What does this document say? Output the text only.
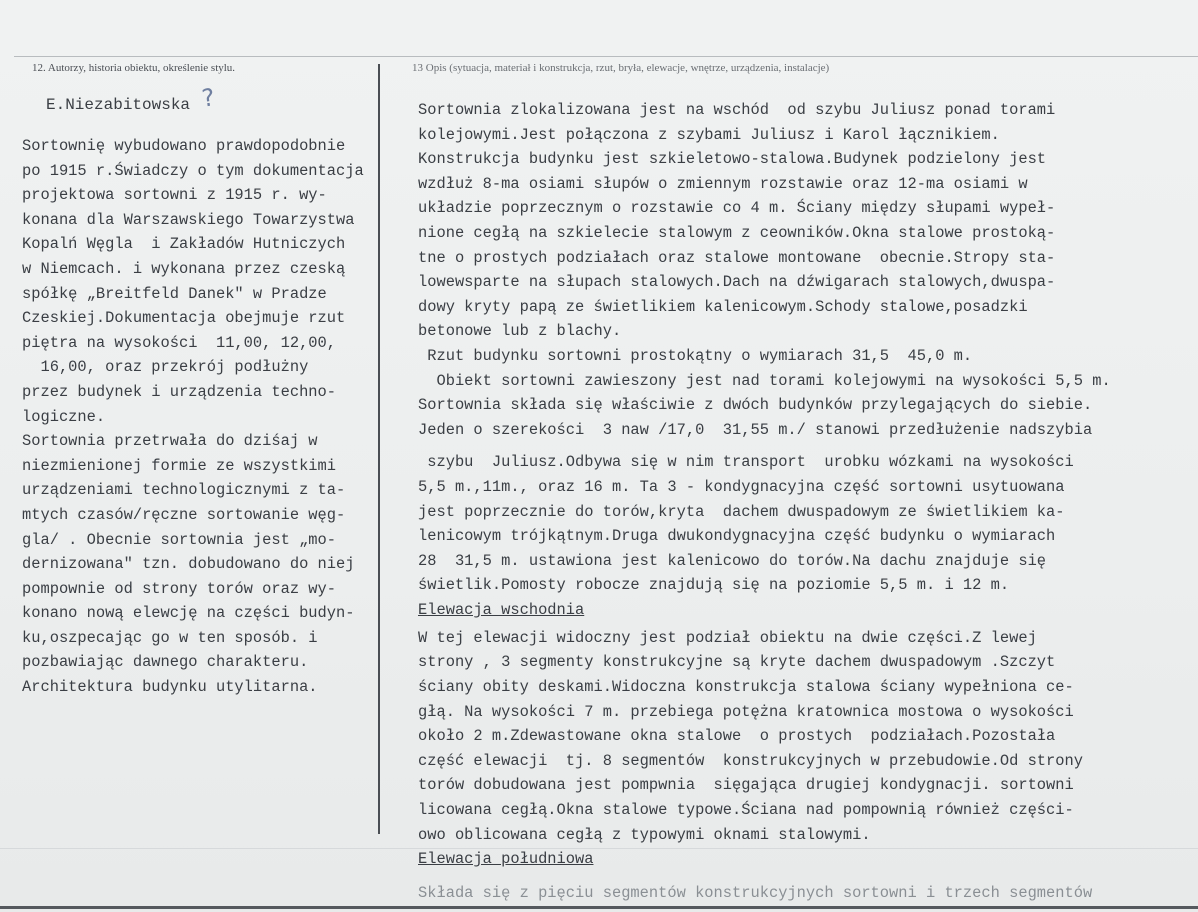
12. Autorzy, historia obiektu, określenie stylu.	13 Opis (sytuacja, materiał i konstrukcja, rzut, bryła, elewacje, wnętrze, urządzenia, instalacje)
E.Niezabitowska ?
Sortownię wybudowano prawdopodobnie
po 1915 r.Świadczy o tym dokumentacja
projektowa sortowni z 1915 r. wy-
konana dla Warszawskiego Towarzystwa
Kopalń Węgla  i Zakładów Hutniczych
w Niemcach. i wykonana przez czeską
spółkę „Breitfeld Danek" w Pradze
Czeskiej.Dokumentacja obejmuje rzut
piętra na wysokości  11,00, 12,00,
16,00, oraz przekrój podłużny
przez budynek i urządzenia techno-
logiczne.
Sortownia przetrwała do dziśaj w
niezmienionej formie ze wszystkimi
urządzeniami technologicznymi z ta-
mtych czasów/ręczne sortowanie węg-
gla/ . Obecnie sortownia jest „mo-
dernizowana" tzn. dobudowano do niej
pompownie od strony torów oraz wy-
konano nową elewcję na części budyn-
ku,oszpecając go w ten sposób. i
pozbawiając dawnego charakteru.
Architektura budynku utylitarna.
Sortownia zlokalizowana jest na wschód  od szybu Juliusz ponad torami
kolejowymi.Jest połączona z szybami Juliusz i Karol łącznikiem.
Konstrukcja budynku jest szkieletowo-stalowa.Budynek podzielony jest
wzdłuż 8-ma osiami słupów o zmiennym rozstawie oraz 12-ma osiami w
układzie poprzecznym o rozstawie co 4 m. Ściany między słupami wypeł-
nione cegłą na szkielecie stalowym z ceowników.Okna stalowe prostoką-
tne o prostych podziałach oraz stalowe montowane  obecnie.Stropy sta-
lowewsparte na słupach stalowych.Dach na dźwigarach stalowych,dwuspa-
dowy kryty papą ze świetlikiem kalenicowym.Schody stalowe,posadzki
betonowe lub z blachy.
Rzut budynku sortowni prostokątny o wymiarach 31,5  45,0 m.
Obiekt sortowni zawieszony jest nad torami kolejowymi na wysokości 5,5 m.
Sortownia składa się właściwie z dwóch budynków przylegających do siebie.
Jeden o szerekości  3 naw /17,0  31,55 m./ stanowi przedłużenie nadszybia
szybu  Juliusz.Odbywa się w nim transport  urobku wózkami na wysokości
5,5 m.,11m., oraz 16 m. Ta 3 - kondygnacyjna część sortowni usytuowana
jest poprzecznie do torów,kryta  dachem dwuspadowym ze świetlikiem ka-
lenicowym trójkątnym.Druga dwukondygnacyjna część budynku o wymiarach
28  31,5 m. ustawiona jest kalenicowo do torów.Na dachu znajduje się
świetlik.Pomosty robocze znajdują się na poziomie 5,5 m. i 12 m.
Elewacja wschodnia
W tej elewacji widoczny jest podział obiektu na dwie części.Z lewej
strony , 3 segmenty konstrukcyjne są kryte dachem dwuspadowym .Szczyt
ściany obity deskami.Widoczna konstrukcja stalowa ściany wypełniona ce-
głą. Na wysokości 7 m. przebiega potężna kratownica mostowa o wysokości
około 2 m.Zdewastowane okna stalowe  o prostych  podziałach.Pozostała
część elewacji  tj. 8 segmentów  konstrukcyjnych w przebudowie.Od strony
torów dobudowana jest pompwnia  sięgająca drugiej kondygnacji. sortowni
licowana cegłą.Okna stalowe typowe.Ściana nad pompownią również części-
owo oblicowana cegłą z typowymi oknami stalowymi.
Elewacja południowa
Składa się z pięciu segmentów konstrukcyjnych sortowni i trzech segmentów
